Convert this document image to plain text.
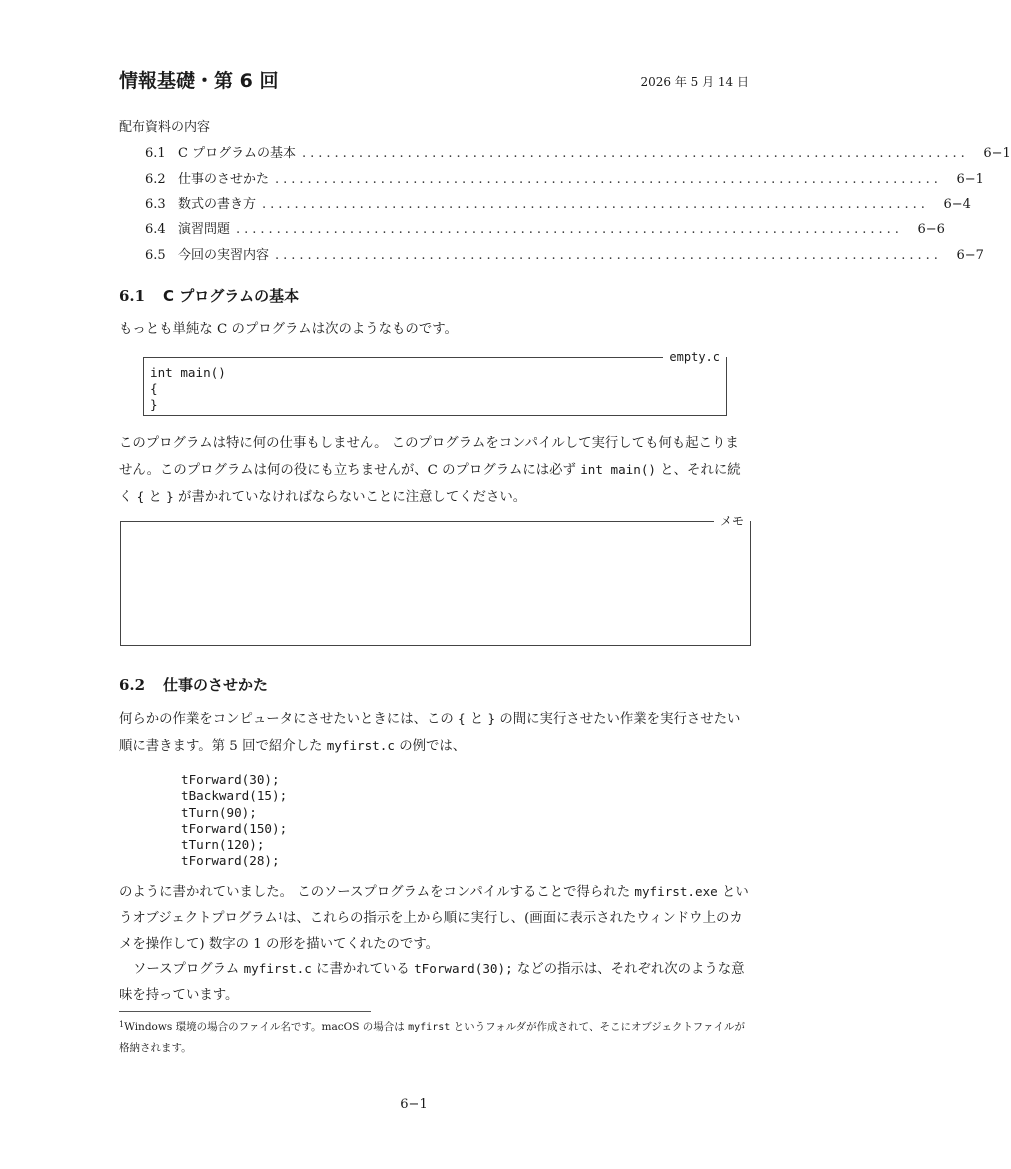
情報基礎・第 6 回	2026 年 5 月 14 日
配布資料の内容
6.1 C プログラムの基本 ..................................................................................	6−1
6.2 仕事のさせかた ..................................................................................	6−1
6.3 数式の書き方 ..................................................................................	6−4
6.4 演習問題 ..................................................................................	6−6
6.5 今回の実習内容 ..................................................................................	6−7
6.1 C プログラムの基本

もっとも単純な C のプログラムは次のようなものです。

empty.c
int main()
{
}

このプログラムは特に何の仕事もしません。 このプログラムをコンパイルして実行しても何も起こりません。このプログラムは何の役にも立ちませんが、C のプログラムには必ず int main() と、それに続く { と } が書かれていなければならないことに注意してください。

メモ
6.2 仕事のさせかた

何らかの作業をコンピュータにさせたいときには、この { と } の間に実行させたい作業を実行させたい順に書きます。第 5 回で紹介した myfirst.c の例では、

tForward(30);
tBackward(15);
tTurn(90);
tForward(150);
tTurn(120);
tForward(28);

のように書かれていました。 このソースプログラムをコンパイルすることで得られた myfirst.exe というオブジェクトプログラム$^1$は、これらの指示を上から順に実行し、(画面に表示されたウィンドウ上のカメを操作して) 数字の 1 の形を描いてくれたのです。

ソースプログラム myfirst.c に書かれている tForward(30); などの指示は、それぞれ次のような意味を持っています。

$^1$Windows 環境の場合のファイル名です。macOS の場合は myfirst というフォルダが作成されて、そこにオブジェクトファイルが格納されます。
6−1
